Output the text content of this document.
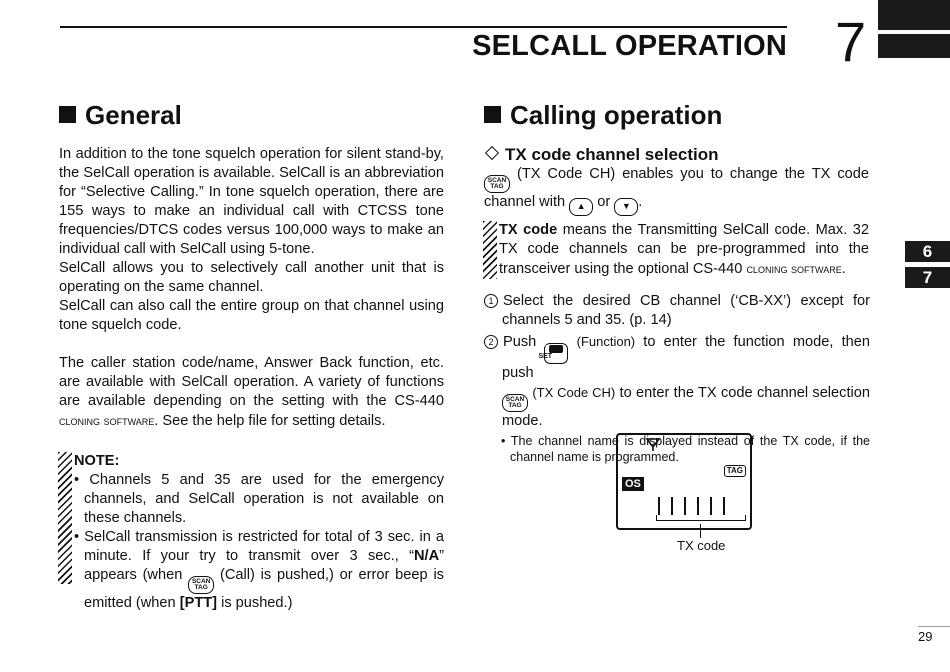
SELCALL OPERATION 7
General

In addition to the tone squelch operation for silent stand-by, the SelCall operation is available. SelCall is an abbreviation for “Selective Calling.” In tone squelch operation, there are 155 ways to make an individual call with CTCSS tone frequencies/DTCS codes versus 100,000 ways to make an individual call with SelCall using 5-tone.

SelCall allows you to selectively call another unit that is operating on the same channel.

SelCall can also call the entire group on that channel using tone squelch code.

The caller station code/name, Answer Back function, etc. are available with SelCall operation. A variety of functions are available depending on the setting with the CS-440 cloning software. See the help file for setting details.

NOTE:
• Channels 5 and 35 are used for the emergency channels, and SelCall operation is not available on these channels.
• SelCall transmission is restricted for total of 3 sec. in a minute. If your try to transmit over 3 sec., “N/A” appears (when SCAN
TAG
(Call) is pushed,) or error beep is emitted (when [PTT] is pushed.)
Calling operation
TX code channel selection
SCAN
TAG
(TX Code CH) enables you to change the TX code channel with ▲ or ▼ .
TX code means the Transmitting SelCall code. Max. 32 TX code channels can be pre-programmed into the transceiver using the optional CS-440 cloning software.

1 Select the desired CB channel (‘CB-XX’) except for channels 5 and 35. (p. 14)

2 Push F
SET
(Function) to enter the function mode, then push

SCAN
TAG
(TX Code CH) to enter the TX code channel selection mode.

• The channel name is displayed instead of the TX code, if the channel name is programmed.

TAG
OS
TX code
6
7
29
